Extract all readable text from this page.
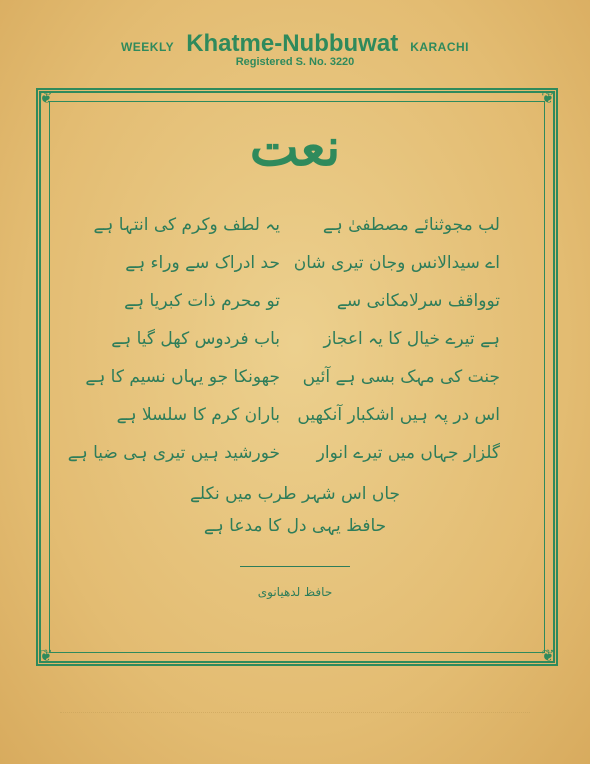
WEEKLY Khatme-Nubbuwat KARACHI
Registered S. No. 3220
❦	❦
❦	❦
نعت
لب مجوثنائے مصطفیٰ ہے
اے سیدالانس وجان تیری شان
توواقف سرلامکانی سے
ہے تیرے خیال کا یہ اعجاز
جنت کی مہک بسی ہے آئیں
اس در پہ ہیں اشکبار آنکھیں
گلزار جہاں میں تیرے انوار
یہ لطف وکرم کی انتہا ہے
حد ادراک سے وراء ہے
تو محرم ذات کبریا ہے
باب فردوس کھل گیا ہے
جھونکا جو یہاں نسیم کا ہے
باران کرم کا سلسلا ہے
خورشید ہیں تیری ہی ضیا ہے
جاں اس شہر طرب میں نکلے
حافظ یہی دل کا مدعا ہے
حافظ لدھیانوی
